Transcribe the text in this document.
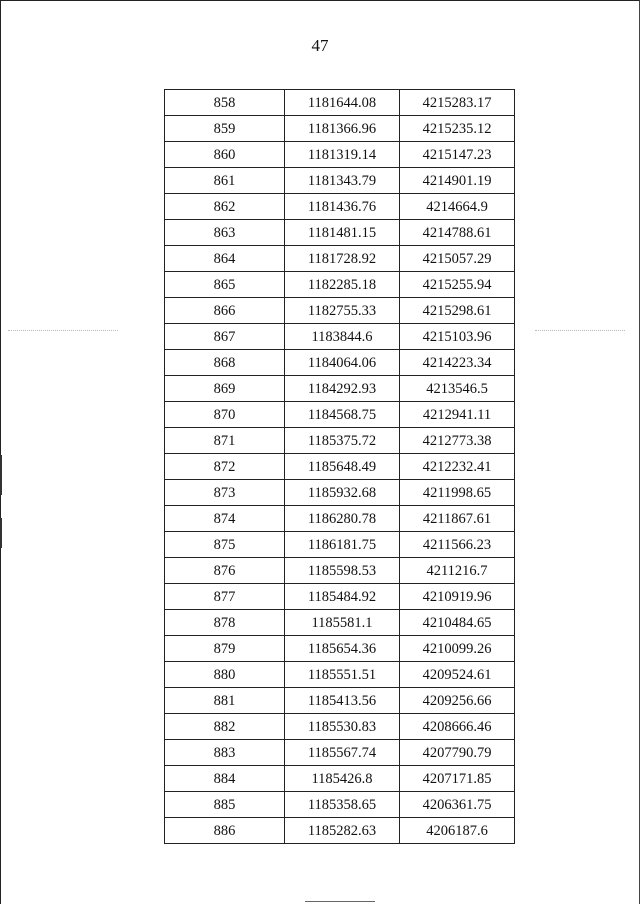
47
858	1181644.08	4215283.17
859	1181366.96	4215235.12
860	1181319.14	4215147.23
861	1181343.79	4214901.19
862	1181436.76	4214664.9
863	1181481.15	4214788.61
864	1181728.92	4215057.29
865	1182285.18	4215255.94
866	1182755.33	4215298.61
867	1183844.6	4215103.96
868	1184064.06	4214223.34
869	1184292.93	4213546.5
870	1184568.75	4212941.11
871	1185375.72	4212773.38
872	1185648.49	4212232.41
873	1185932.68	4211998.65
874	1186280.78	4211867.61
875	1186181.75	4211566.23
876	1185598.53	4211216.7
877	1185484.92	4210919.96
878	1185581.1	4210484.65
879	1185654.36	4210099.26
880	1185551.51	4209524.61
881	1185413.56	4209256.66
882	1185530.83	4208666.46
883	1185567.74	4207790.79
884	1185426.8	4207171.85
885	1185358.65	4206361.75
886	1185282.63	4206187.6
